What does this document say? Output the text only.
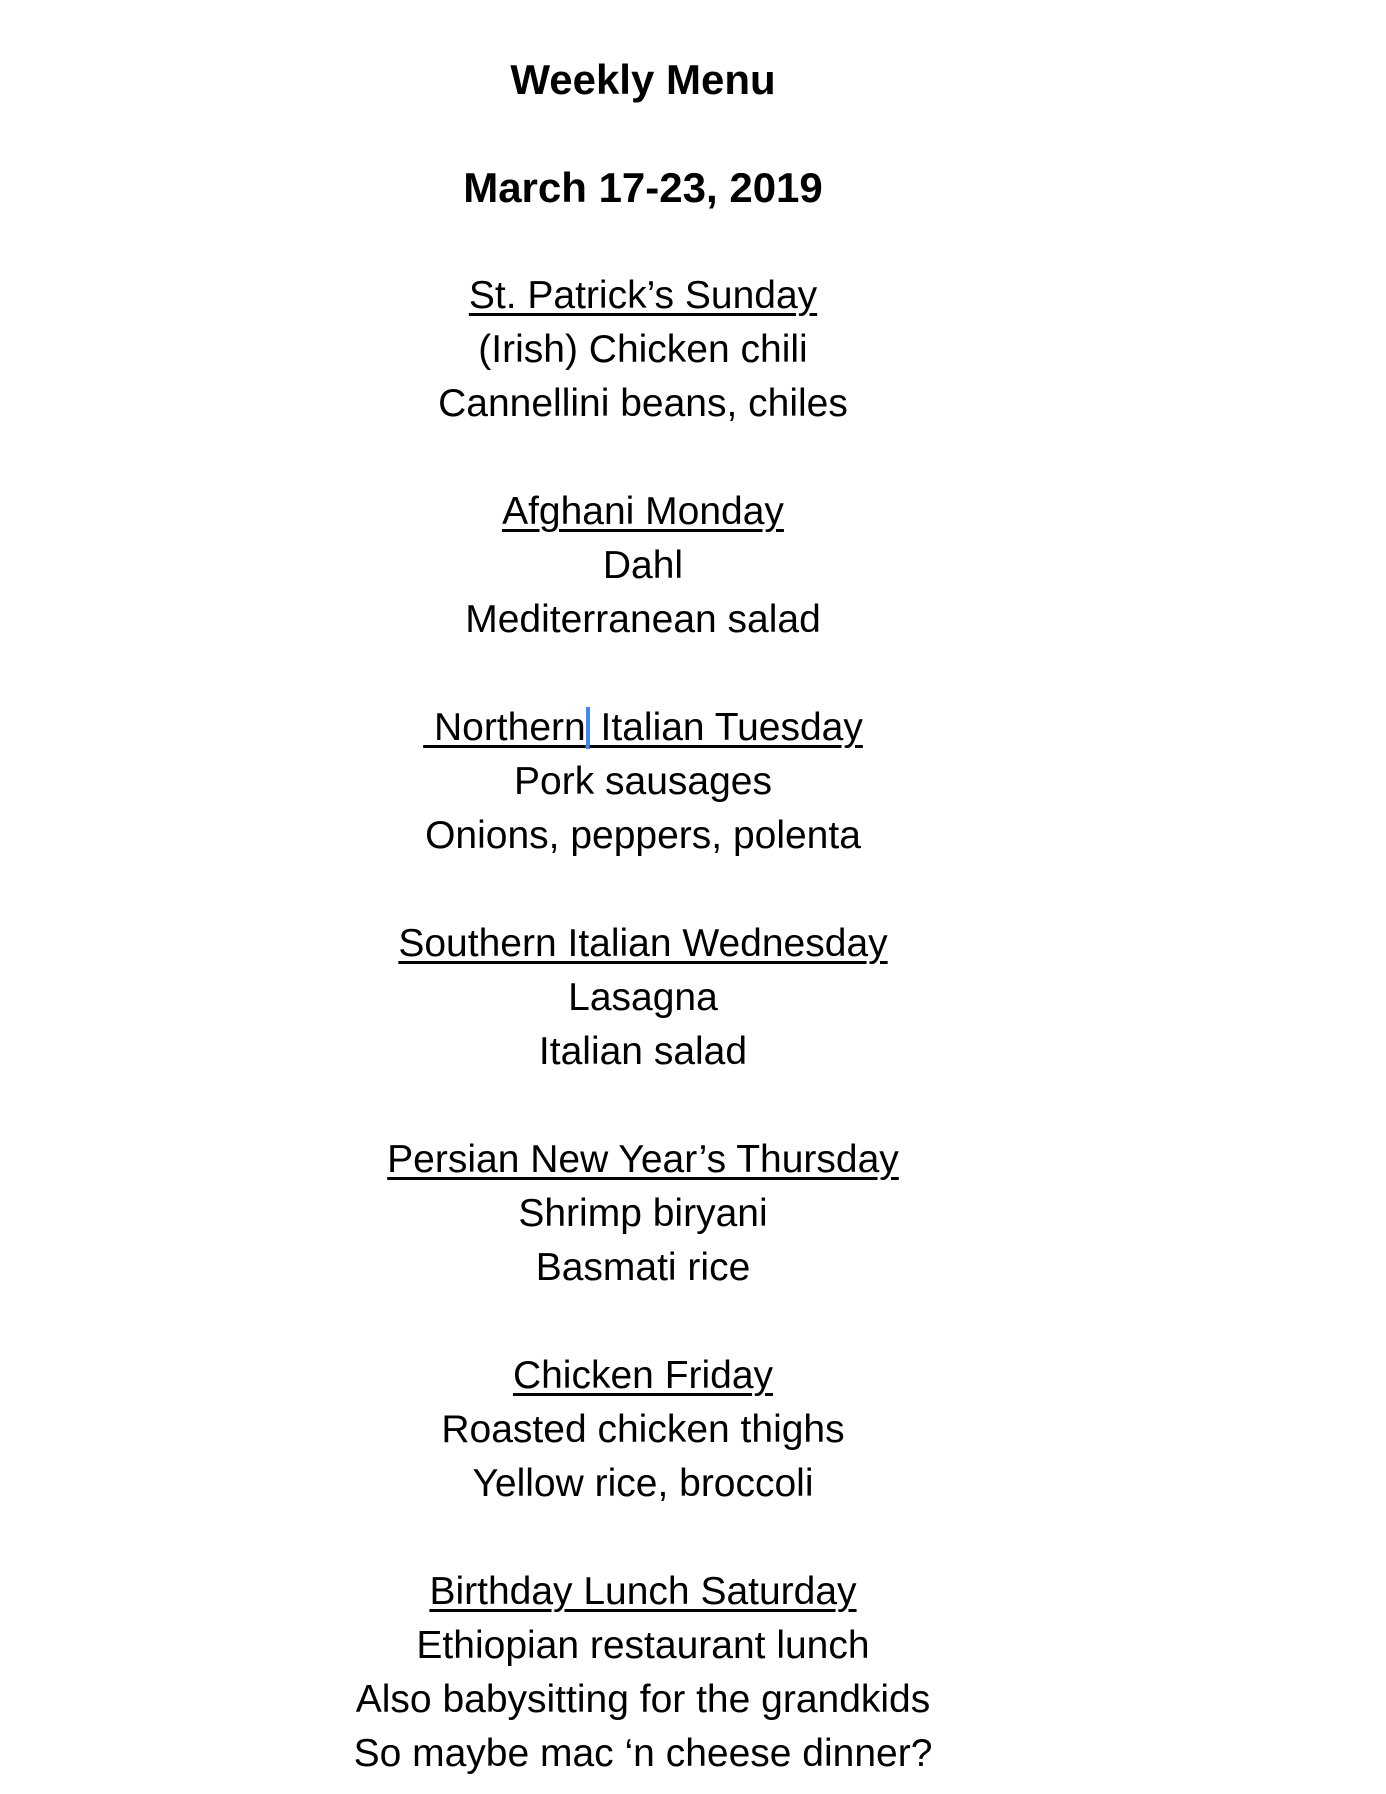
Weekly Menu
March 17-23, 2019
St. Patrick’s Sunday
(Irish) Chicken chili
Cannellini beans, chiles
Afghani Monday
Dahl
Mediterranean salad
Northern Italian Tuesday
Pork sausages
Onions, peppers, polenta
Southern Italian Wednesday
Lasagna
Italian salad
Persian New Year’s Thursday
Shrimp biryani
Basmati rice
Chicken Friday
Roasted chicken thighs
Yellow rice, broccoli
Birthday Lunch Saturday
Ethiopian restaurant lunch
Also babysitting for the grandkids
So maybe mac ‘n cheese dinner?
